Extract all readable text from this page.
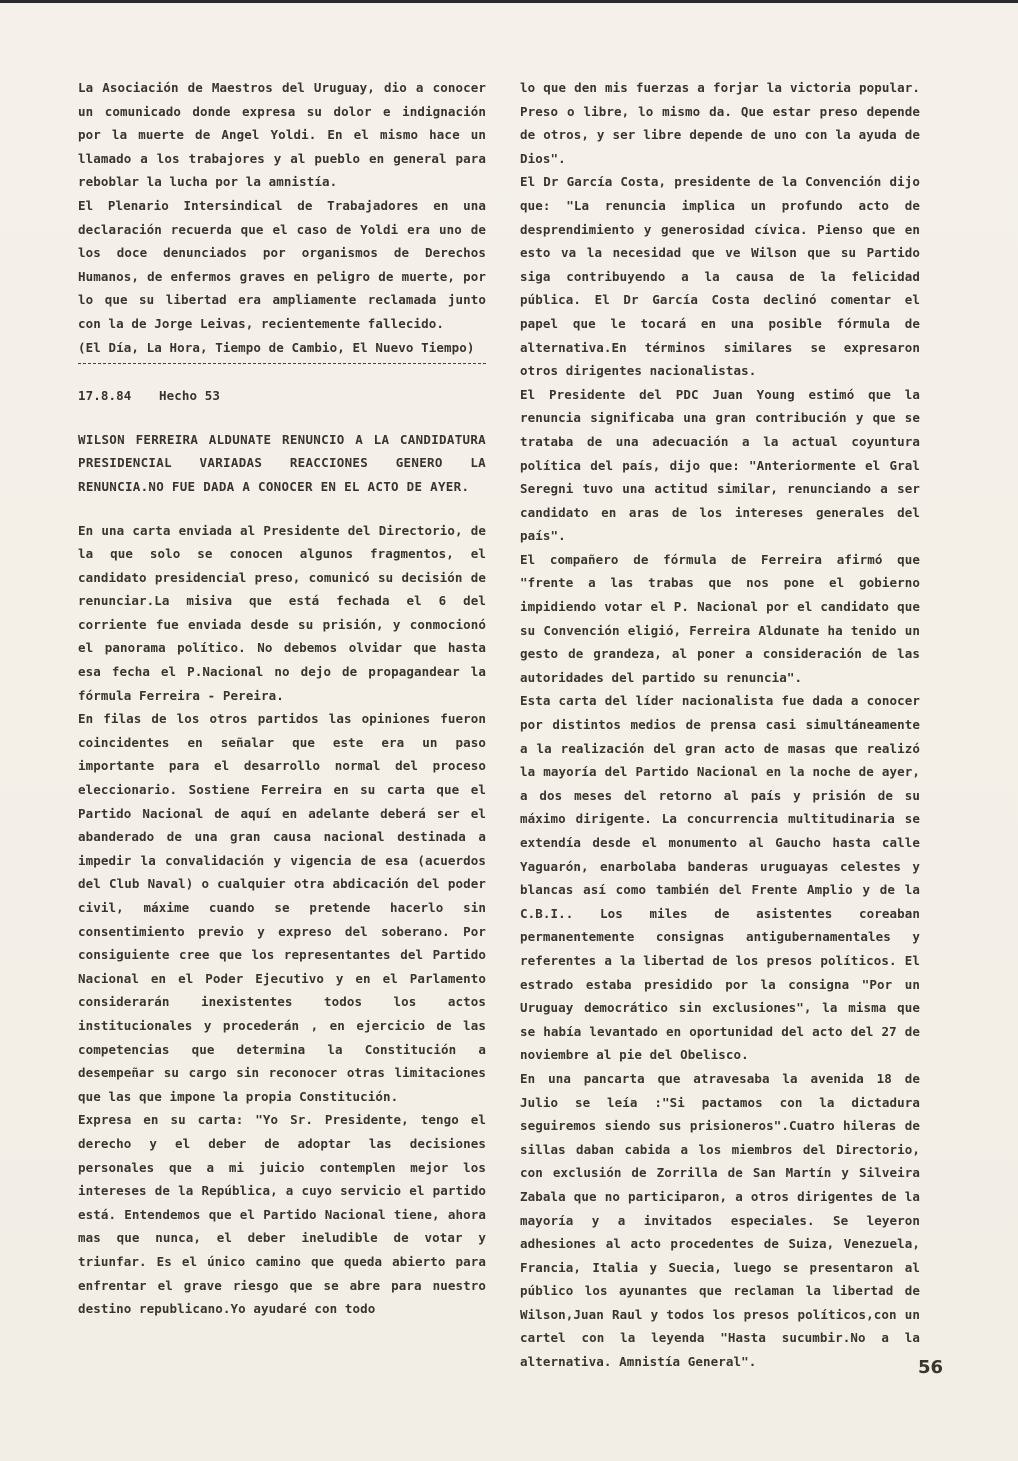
La Asociación de Maestros del Uruguay, dio a conocer un comunicado donde expresa su dolor e indignación por la muerte de Angel Yoldi. En el mismo hace un llamado a los trabajores y al pueblo en general para reboblar la lucha por la amnistía.

El Plenario Intersindical de Trabajadores en una declaración recuerda que el caso de Yoldi era uno de los doce denunciados por organismos de Derechos Humanos, de enfermos graves en peligro de muerte, por lo que su libertad era ampliamente reclamada junto con la de Jorge Leivas, recientemente fallecido.

(El Día, La Hora, Tiempo de Cambio, El Nuevo Tiempo)

17.8.84 Hecho 53

WILSON FERREIRA ALDUNATE RENUNCIO A LA CANDIDATURA PRESIDENCIAL VARIADAS REACCIONES GENERO LA RENUNCIA.NO FUE DADA A CONOCER EN EL ACTO DE AYER.

En una carta enviada al Presidente del Directorio, de la que solo se conocen algunos fragmentos, el candidato presidencial preso, comunicó su decisión de renunciar.La misiva que está fechada el 6 del corriente fue enviada desde su prisión, y conmocionó el panorama político. No debemos olvidar que hasta esa fecha el P.Nacional no dejo de propagandear la fórmula Ferreira - Pereira.

En filas de los otros partidos las opiniones fueron coincidentes en señalar que este era un paso importante para el desarrollo normal del proceso eleccionario. Sostiene Ferreira en su carta que el Partido Nacional de aquí en adelante deberá ser el abanderado de una gran causa nacional destinada a impedir la convalidación y vigencia de esa (acuerdos del Club Naval) o cualquier otra abdicación del poder civil, máxime cuando se pretende hacerlo sin consentimiento previo y expreso del soberano. Por consiguiente cree que los representantes del Partido Nacional en el Poder Ejecutivo y en el Parlamento considerarán inexistentes todos los actos institucionales y procederán , en ejercicio de las competencias que determina la Constitución a desempeñar su cargo sin reconocer otras limitaciones que las que impone la propia Constitución.

Expresa en su carta: "Yo Sr. Presidente, tengo el derecho y el deber de adoptar las decisiones personales que a mi juicio contemplen mejor los intereses de la República, a cuyo servicio el partido está. Entendemos que el Partido Nacional tiene, ahora mas que nunca, el deber ineludible de votar y triunfar. Es el único camino que queda abierto para enfrentar el grave riesgo que se abre para nuestro destino republicano.Yo ayudaré con todo

lo que den mis fuerzas a forjar la victoria popular. Preso o libre, lo mismo da. Que estar preso depende de otros, y ser libre depende de uno con la ayuda de Dios".

El Dr García Costa, presidente de la Convención dijo que: "La renuncia implica un profundo acto de desprendimiento y generosidad cívica. Pienso que en esto va la necesidad que ve Wilson que su Partido siga contribuyendo a la causa de la felicidad pública. El Dr García Costa declinó comentar el papel que le tocará en una posible fórmula de alternativa.En términos similares se expresaron otros dirigentes nacionalistas.

El Presidente del PDC Juan Young estimó que la renuncia significaba una gran contribución y que se trataba de una adecuación a la actual coyuntura política del país, dijo que: "Anteriormente el Gral Seregni tuvo una actitud similar, renunciando a ser candidato en aras de los intereses generales del país".

El compañero de fórmula de Ferreira afirmó que "frente a las trabas que nos pone el gobierno impidiendo votar el P. Nacional por el candidato que su Convención eligió, Ferreira Aldunate ha tenido un gesto de grandeza, al poner a consideración de las autoridades del partido su renuncia".

Esta carta del líder nacionalista fue dada a conocer por distintos medios de prensa casi simultáneamente a la realización del gran acto de masas que realizó la mayoría del Partido Nacional en la noche de ayer, a dos meses del retorno al país y prisión de su máximo dirigente. La concurrencia multitudinaria se extendía desde el monumento al Gaucho hasta calle Yaguarón, enarbolaba banderas uruguayas celestes y blancas así como también del Frente Amplio y de la C.B.I.. Los miles de asistentes coreaban permanentemente consignas antigubernamentales y referentes a la libertad de los presos políticos. El estrado estaba presidido por la consigna "Por un Uruguay democrático sin exclusiones", la misma que se había levantado en oportunidad del acto del 27 de noviembre al pie del Obelisco.

En una pancarta que atravesaba la avenida 18 de Julio se leía :"Si pactamos con la dictadura seguiremos siendo sus prisioneros".Cuatro hileras de sillas daban cabida a los miembros del Directorio, con exclusión de Zorrilla de San Martín y Silveira Zabala que no participaron, a otros dirigentes de la mayoría y a invitados especiales. Se leyeron adhesiones al acto procedentes de Suiza, Venezuela, Francia, Italia y Suecia, luego se presentaron al público los ayunantes que reclaman la libertad de Wilson,Juan Raul y todos los presos políticos,con un cartel con la leyenda "Hasta sucumbir.No a la alternativa. Amnistía General".	56
